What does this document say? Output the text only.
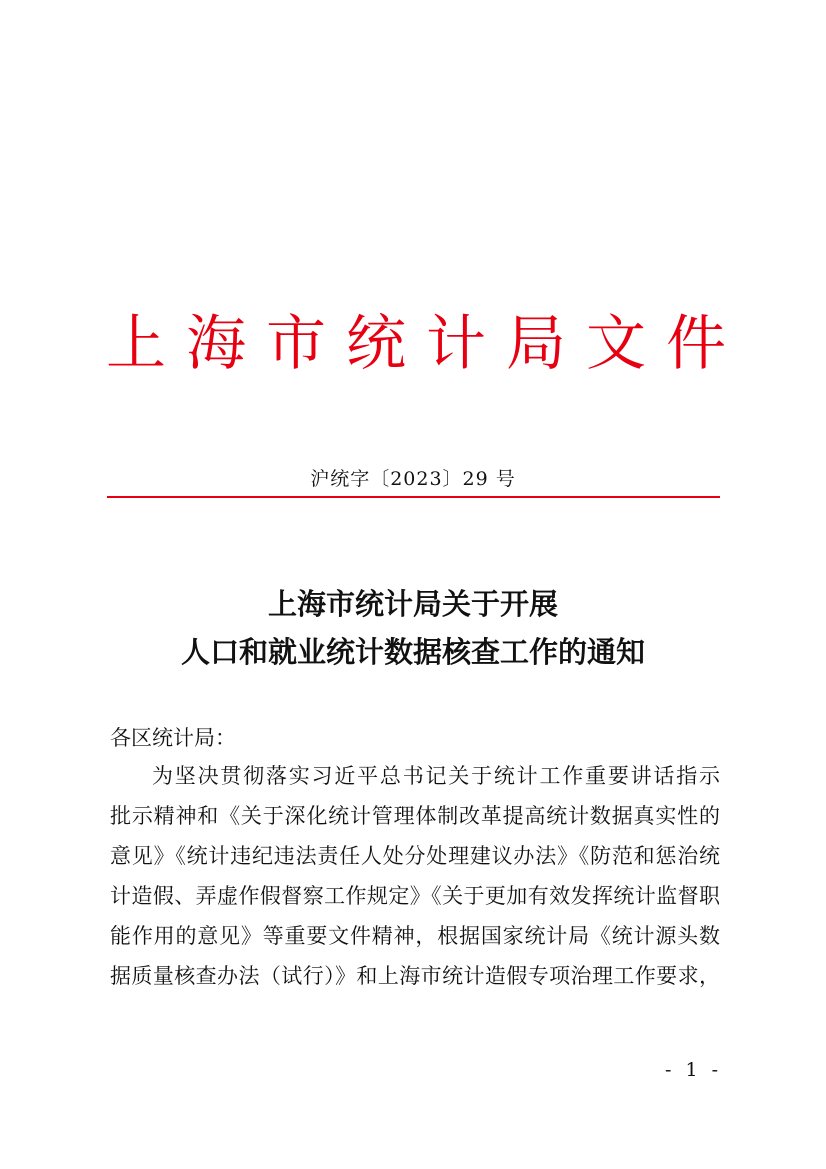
上 海 市 统 计 局 文 件
沪统字〔2023〕29 号
上海市统计局关于开展
人口和就业统计数据核查工作的通知
各区统计局：
为坚决贯彻落实习近平总书记关于统计工作重要讲话指示
批示精神和《关于深化统计管理体制改革提高统计数据真实性的
意见》《统计违纪违法责任人处分处理建议办法》《防范和惩治统
计造假、弄虚作假督察工作规定》《关于更加有效发挥统计监督职
能作用的意见》等重要文件精神，根据国家统计局《统计源头数
据质量核查办法（试行）》和上海市统计造假专项治理工作要求，
- 1 -
